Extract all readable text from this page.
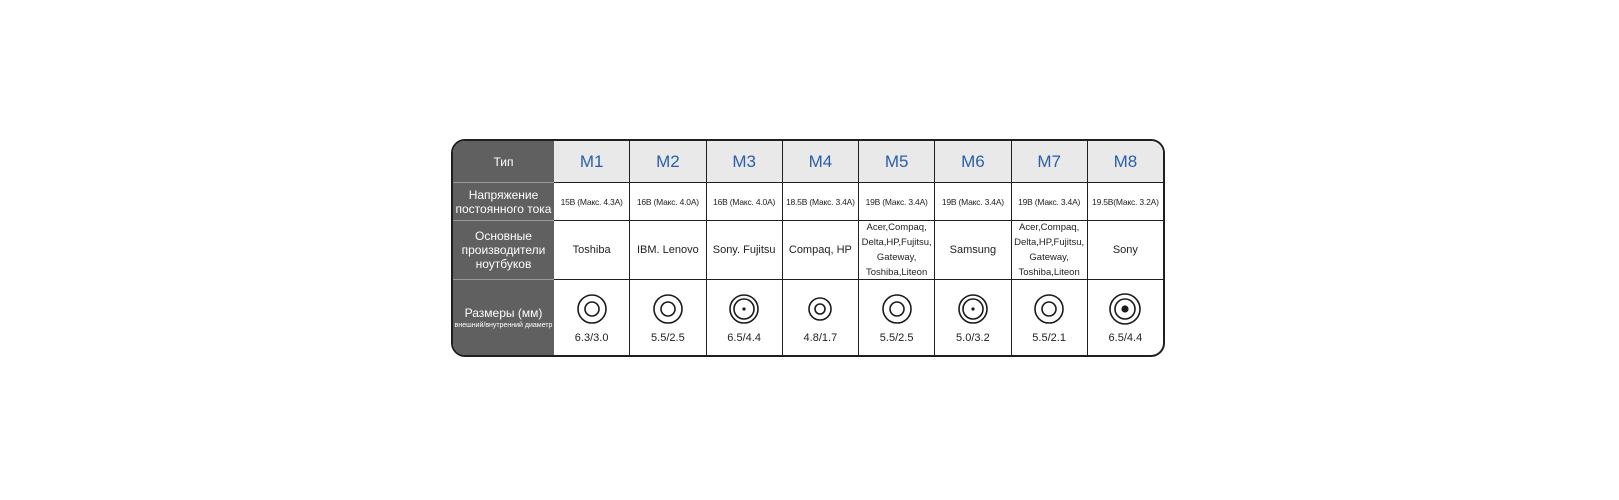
Тип
Напряжение постоянного тока
Основные производители ноутбуков
Размеры (мм)
внешний/внутренний диаметр
M1
15В (Макс. 4.3А)
Toshiba
6.3/3.0
M2
16В (Макс. 4.0А)
IBM. Lenovo
5.5/2.5
M3
16В (Макс. 4.0А)
Sony. Fujitsu
6.5/4.4
M4
18.5В (Макс. 3.4А)
Compaq, HP
4.8/1.7
M5
19В (Макс. 3.4А)
Acer,Compaq, Delta,HP,Fujitsu, Gateway, Toshiba,Liteon
5.5/2.5
M6
19В (Макс. 3.4А)
Samsung
5.0/3.2
M7
19В (Макс. 3.4А)
Acer,Compaq, Delta,HP,Fujitsu, Gateway, Toshiba,Liteon
5.5/2.1
M8
19.5В(Макс. 3.2А)
Sony
6.5/4.4
